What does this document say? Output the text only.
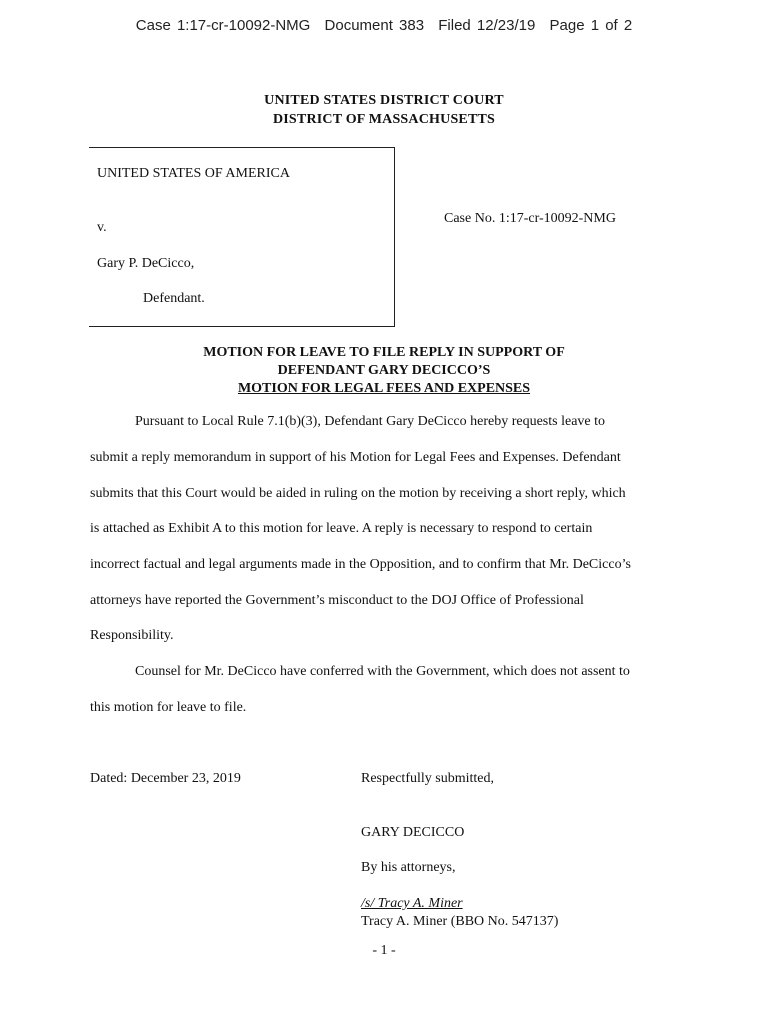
Case 1:17-cr-10092-NMG Document 383 Filed 12/23/19 Page 1 of 2
UNITED STATES DISTRICT COURT
DISTRICT OF MASSACHUSETTS
UNITED STATES OF AMERICA
v.
Gary P. DeCicco,
Defendant.
Case No. 1:17-cr-10092-NMG
MOTION FOR LEAVE TO FILE REPLY IN SUPPORT OF
DEFENDANT GARY DECICCO’S
MOTION FOR LEGAL FEES AND EXPENSES
Pursuant to Local Rule 7.1(b)(3), Defendant Gary DeCicco hereby requests leave to
submit a reply memorandum in support of his Motion for Legal Fees and Expenses. Defendant
submits that this Court would be aided in ruling on the motion by receiving a short reply, which
is attached as Exhibit A to this motion for leave. A reply is necessary to respond to certain
incorrect factual and legal arguments made in the Opposition, and to confirm that Mr. DeCicco’s
attorneys have reported the Government’s misconduct to the DOJ Office of Professional
Responsibility.
Counsel for Mr. DeCicco have conferred with the Government, which does not assent to
this motion for leave to file.
Dated: December 23, 2019	Respectfully submitted,
GARY DECICCO
By his attorneys,
/s/ Tracy A. Miner
Tracy A. Miner (BBO No. 547137)
- 1 -
